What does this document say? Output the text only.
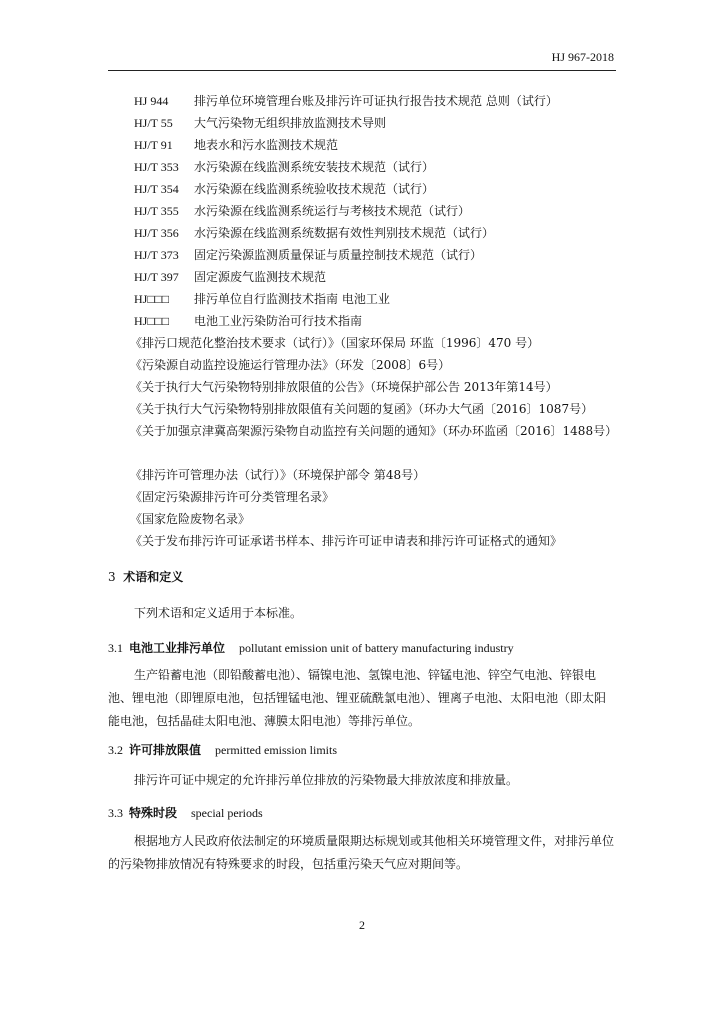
HJ 967-2018
HJ 944 排污单位环境管理台账及排污许可证执行报告技术规范 总则（试行）
HJ/T 55 大气污染物无组织排放监测技术导则
HJ/T 91 地表水和污水监测技术规范
HJ/T 353 水污染源在线监测系统安装技术规范（试行）
HJ/T 354 水污染源在线监测系统验收技术规范（试行）
HJ/T 355 水污染源在线监测系统运行与考核技术规范（试行）
HJ/T 356 水污染源在线监测系统数据有效性判别技术规范（试行）
HJ/T 373 固定污染源监测质量保证与质量控制技术规范（试行）
HJ/T 397 固定源废气监测技术规范
HJ□□□ 排污单位自行监测技术指南 电池工业
HJ□□□ 电池工业污染防治可行技术指南
《排污口规范化整治技术要求（试行）》（国家环保局 环监〔1996〕470 号）
《污染源自动监控设施运行管理办法》（环发〔2008〕6号）
《关于执行大气污染物特别排放限值的公告》（环境保护部公告 2013年第14号）
《关于执行大气污染物特别排放限值有关问题的复函》（环办大气函〔2016〕1087号）
《关于加强京津冀高架源污染物自动监控有关问题的通知》（环办环监函〔2016〕1488号）
《排污许可管理办法（试行）》（环境保护部令 第48号）
《固定污染源排污许可分类管理名录》
《国家危险废物名录》
《关于发布排污许可证承诺书样本、排污许可证申请表和排污许可证格式的通知》
3 术语和定义
下列术语和定义适用于本标准。
3.1 电池工业排污单位 pollutant emission unit of battery manufacturing industry
生产铅蓄电池（即铅酸蓄电池）、镉镍电池、氢镍电池、锌锰电池、锌空气电池、锌银电池、锂电池（即锂原电池，包括锂锰电池、锂亚硫酰氯电池）、锂离子电池、太阳电池（即太阳能电池，包括晶硅太阳电池、薄膜太阳电池）等排污单位。
3.2 许可排放限值 permitted emission limits
排污许可证中规定的允许排污单位排放的污染物最大排放浓度和排放量。
3.3 特殊时段 special periods
根据地方人民政府依法制定的环境质量限期达标规划或其他相关环境管理文件，对排污单位的污染物排放情况有特殊要求的时段，包括重污染天气应对期间等。
2
